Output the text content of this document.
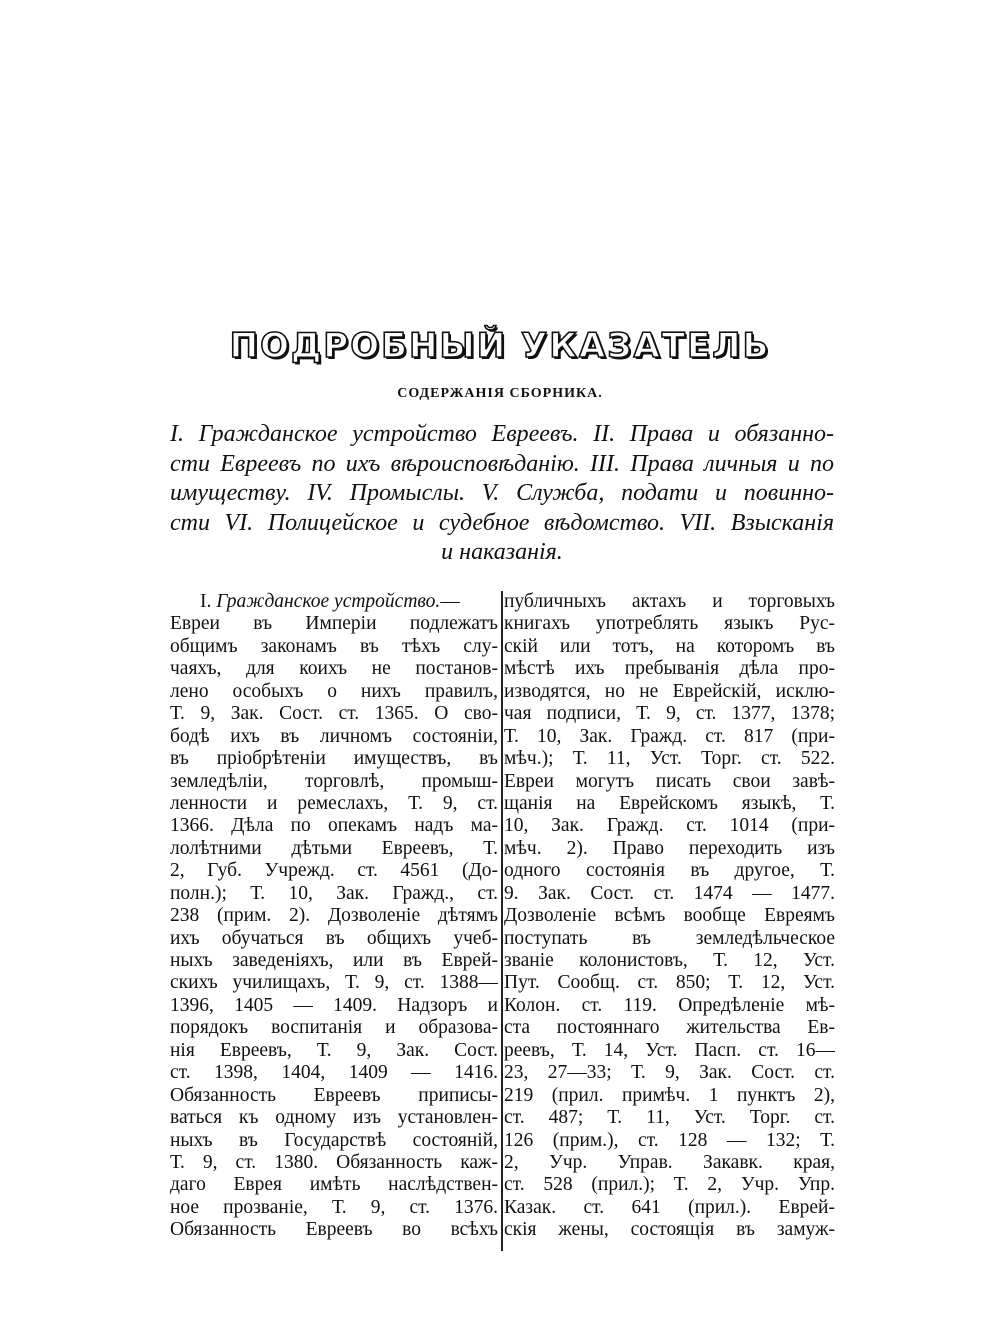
ПОДРОБНЫЙ УКАЗАТЕЛЬ
СОДЕРЖАНІЯ СБОРНИКА.
I. Гражданское устройство Евреевъ. II. Права и обязанно-
сти Евреевъ по ихъ вѣроисповѣданію. III. Права личныя и по
имуществу. IV. Промыслы. V. Служба, подати и повинно-
сти VI. Полицейское и судебное вѣдомство. VII. Взысканія
и наказанія.
I. Гражданское устройство.—
Евреи въ Имперіи подлежатъ
общимъ законамъ въ тѣхъ слу-
чаяхъ, для коихъ не постанов-
лено особыхъ о нихъ правилъ,
Т. 9, Зак. Сост. ст. 1365. О сво-
бодѣ ихъ въ личномъ состояніи,
въ пріобрѣтеніи имуществъ, въ
земледѣліи, торговлѣ, промыш-
ленности и ремеслахъ, Т. 9, ст.
1366. Дѣла по опекамъ надъ ма-
лолѣтними дѣтьми Евреевъ, Т.
2, Губ. Учрежд. ст. 4561 (До-
полн.); Т. 10, Зак. Гражд., ст.
238 (прим. 2). Дозволеніе дѣтямъ
ихъ обучаться въ общихъ учеб-
ныхъ заведеніяхъ, или въ Еврей-
скихъ училищахъ, Т. 9, ст. 1388—
1396, 1405 — 1409. Надзоръ и
порядокъ воспитанія и образова-
нія Евреевъ, Т. 9, Зак. Сост.
ст. 1398, 1404, 1409 — 1416.
Обязанность Евреевъ приписы-
ваться къ одному изъ установлен-
ныхъ въ Государствѣ состояній,
Т. 9, ст. 1380. Обязанность каж-
даго Еврея имѣть наслѣдствен-
ное прозваніе, Т. 9, ст. 1376.
Обязанность Евреевъ во всѣхъ
публичныхъ актахъ и торговыхъ
книгахъ употреблять языкъ Рус-
скій или тотъ, на которомъ въ
мѣстѣ ихъ пребыванія дѣла про-
изводятся, но не Еврейскій, исклю-
чая подписи, Т. 9, ст. 1377, 1378;
Т. 10, Зак. Гражд. ст. 817 (при-
мѣч.); Т. 11, Уст. Торг. ст. 522.
Евреи могутъ писать свои завѣ-
щанія на Еврейскомъ языкѣ, Т.
10, Зак. Гражд. ст. 1014 (при-
мѣч. 2). Право переходить изъ
одного состоянія въ другое, Т.
9. Зак. Сост. ст. 1474 — 1477.
Дозволеніе всѣмъ вообще Евреямъ
поступать въ земледѣльческое
званіе колонистовъ, Т. 12, Уст.
Пут. Сообщ. ст. 850; Т. 12, Уст.
Колон. ст. 119. Опредѣленіе мѣ-
ста постояннаго жительства Ев-
реевъ, Т. 14, Уст. Пасп. ст. 16—
23, 27—33; Т. 9, Зак. Сост. ст.
219 (прил. примѣч. 1 пунктъ 2),
ст. 487; Т. 11, Уст. Торг. ст.
126 (прим.), ст. 128 — 132; Т.
2, Учр. Управ. Закавк. края,
ст. 528 (прил.); Т. 2, Учр. Упр.
Казак. ст. 641 (прил.). Еврей-
скія жены, состоящія въ замуж-
